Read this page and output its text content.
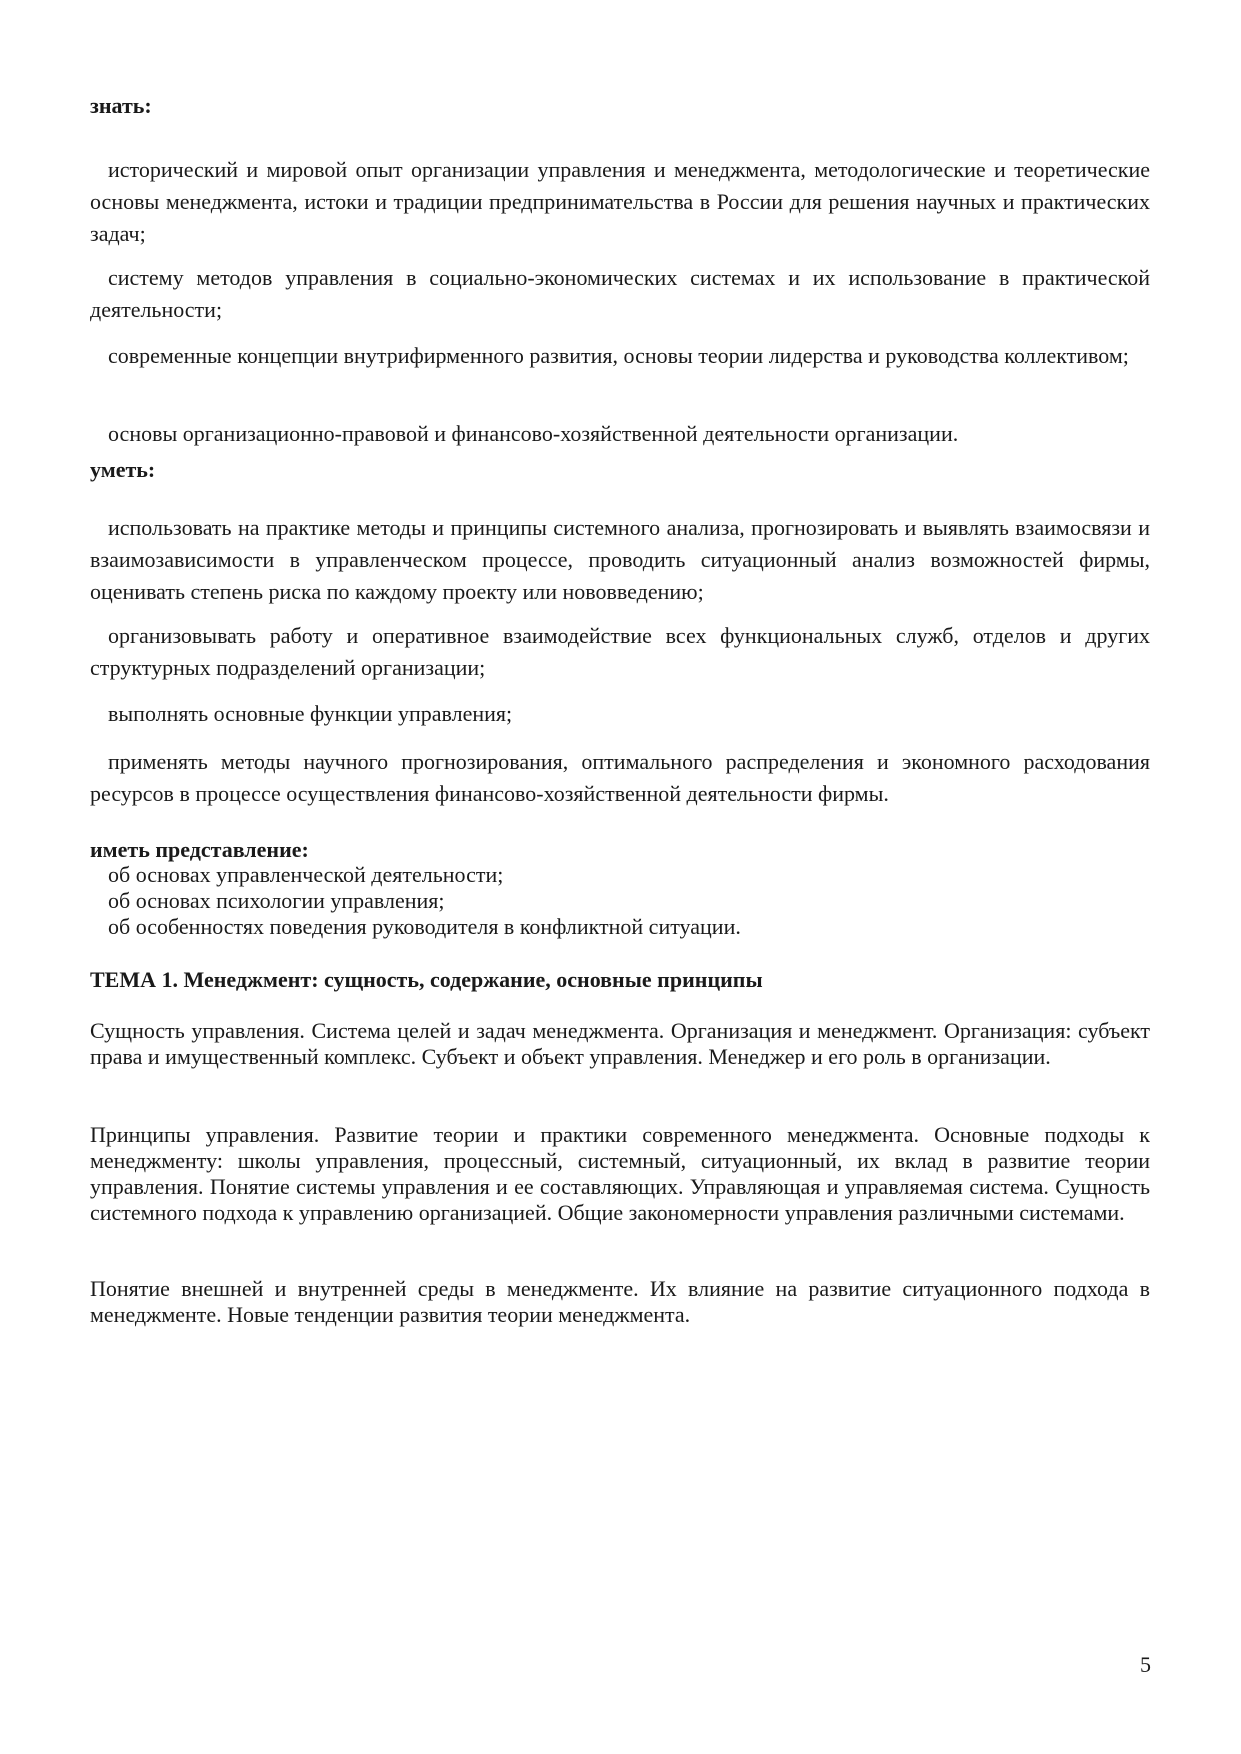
знать:

исторический и мировой опыт организации управления и менеджмента, методологические и теоретические основы менеджмента, истоки и традиции предпринимательства в России для решения научных и практических задач;

систему методов управления в социально-экономических системах и их использование в практической деятельности;

современные концепции внутрифирменного развития, основы теории лидерства и руководства коллективом;

основы организационно-правовой и финансово-хозяйственной деятельности организации.

уметь:

использовать на практике методы и принципы системного анализа, прогнозировать и выявлять взаимосвязи и взаимозависимости в управленческом процессе, проводить ситуационный анализ возможностей фирмы, оценивать степень риска по каждому проекту или нововведению;

организовывать работу и оперативное взаимодействие всех функциональных служб, отделов и других структурных подразделений организации;

выполнять основные функции управления;

применять методы научного прогнозирования, оптимального распределения и экономного расходования ресурсов в процессе осуществления финансово-хозяйственной деятельности фирмы.

иметь представление:

об основах управленческой деятельности;

об основах психологии управления;

об особенностях поведения руководителя в конфликтной ситуации.

ТЕМА 1. Менеджмент: сущность, содержание, основные принципы

Сущность управления. Система целей и задач менеджмента. Организация и менеджмент. Организация: субъект права и имущественный комплекс. Субъект и объект управления. Менеджер и его роль в организации.

Принципы управления. Развитие теории и практики современного менеджмента. Основные подходы к менеджменту: школы управления, процессный, системный, ситуационный, их вклад в развитие теории управления. Понятие системы управления и ее составляющих. Управляющая и управляемая система. Сущность системного подхода к управлению организацией. Общие закономерности управления различными системами.

Понятие внешней и внутренней среды в менеджменте. Их влияние на развитие ситуационного подхода в менеджменте. Новые тенденции развития теории менеджмента.

5
